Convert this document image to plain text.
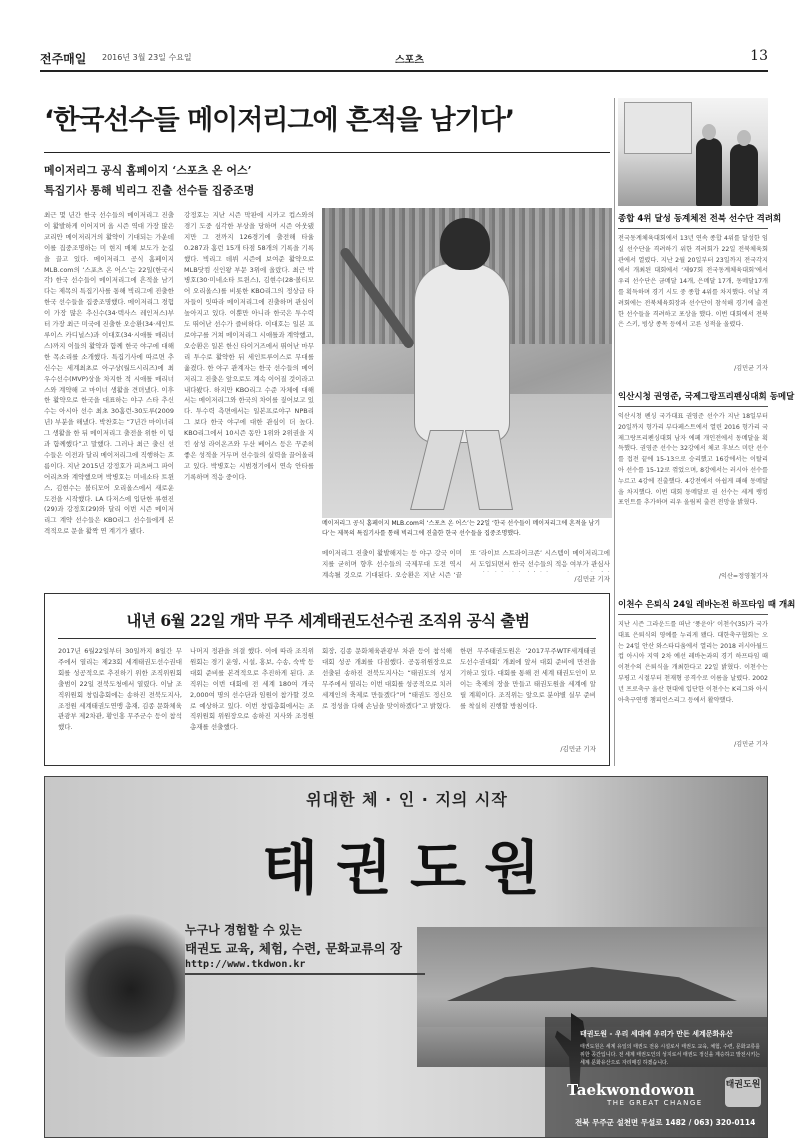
전주매일 2016년 3월 23일 수요일	스포츠	13
‘한국선수들 메이저리그에 흔적을 남기다’
메이저리그 공식 홈페이지 ‘스포츠 온 어스’
특집기사 통해 빅리그 진출 선수들 집중조명
최근 몇 년간 한국 선수들의 메이저리그 진출이 활발하게 이어지며 올 시즌 역대 가장 많은 코리안 메이저리거의 활약이 기대되는 가운데 이를 집중조명하는 미 현지 매체 보도가 눈길을 끌고 있다. 메이저리그 공식 홈페이지 MLB.com의 ‘스포츠 온 어스’는 22일(한국시각) 한국 선수들이 메이저리그에 흔적을 남기다는 제목의 특집기사를 통해 빅리그에 진출한 한국 선수들을 집중조명했다. 메이저리그 경험이 가장 많은 추신수(34·텍사스 레인저스)부터 가장 최근 미국에 진출한 오승환(34·세인트루이스 카디널스)과 이대호(34·시애틀 매리너스)까지 이들의 활약과 함께 한국 야구에 대해 한 목소리를 소개했다. 특집기사에 따르면 추신수는 세계최초로 아구상(월드시리즈)에 최우수선수(MVP)상을 차지한 적 시애틀 매리너스와 계약해 고 마이너 생활을 견뎌냈다. 이후 한 활약으로 한국을 대표하는 야구 스타 추신수는 아시아 선수 최초 30홈런-30도루(2009년) 부분을 해냈다. 박찬호는 “7년간 마이너리그 생활을 한 뒤 메이저리그 출전을 위한 이 팀과 함께했다”고 말했다. 그러나 최근 출신 선수들은 이전과 달리 메이저리그에 직행하는 흐름이다. 지난 2015년 강정호가 피츠버그 파이어리츠와 계약했으며 박병호는 미네소타 트윈스, 김현수는 볼티모어 오리올스에서 새로운 도전을 시작했다. LA 다저스에 입단한 류현진(29)과 강정호(29)와 달리 이번 시즌 메이저리그 계약 선수들은 KBO리그 선수들에게 본격적으로 문을 활짝 연 계기가 됐다.
강정호는 지난 시즌 막판에 시카고 컵스와의 경기 도중 심각한 부상을 당하며 시즌 아웃됐지만 그 전까지 126경기에 출전해 타율 0.287과 홈런 15개 타점 58개의 기록을 기록했다. 빅리그 데뷔 시즌에 보여준 활약으로 MLB닷컴 신인왕 부문 3위에 올랐다. 최근 박병호(30·미네소타 트윈스), 김현수(28·볼티모어 오리올스)를 비롯한 KBO리그의 정상급 타자들이 잇따라 메이저리그에 진출하며 관심이 높아지고 있다. 이뿐만 아니라 한국은 투수력도 뛰어난 선수가 즐비하다. 이대호는 일본 프로야구를 거쳐 메이저리그 시애틀과 계약했고, 오승환은 일본 한신 타이거즈에서 뛰어난 마무리 투수로 활약한 뒤 세인트루이스로 무대를 옮겼다. 한 야구 관계자는 한국 선수들의 메이저리그 진출은 앞으로도 계속 이어질 것이라고 내다봤다. 하지만 KBO리그 수준 자체에 대해서는 메이저리그와 한국의 차이를 짚어보고 있다. 투수력 측면에서는 일본프로야구 NPB리그 보다 한국 야구에 대한 관심이 더 높다. KBO리그에서 10시즌 동안 1위와 2위권을 지킨 삼성 라이온즈와 두산 베어스 등은 꾸준히 좋은 성적을 거두며 선수들의 실력을 끌어올리고 있다. 박병호는 시범경기에서 연속 안타를 기록하며 적응 중이다.
메이저리그 공식 홈페이지 MLB.com의 ‘스포츠 온 어스’는 22일 ‘한국 선수들이 메이저리그에 흔적을 남기다’는 제목의 특집기사를 통해 빅리그에 진출한 한국 선수들을 집중조명했다.
메이저리그 진출이 활발해지는 등 야구 강국 이미지를 굳히며 향후 선수들의 국제무대 도전 역시 계속될 것으로 기대된다. 오승환은 지난 시즌 ‘끝
또 ‘라이브 스트라이크존’ 시스템이 메이저리그에서 도입되면서 한국 선수들의 적응 여부가 관심사
/김민균 기자
종합 4위 달성 동계체전 전북 선수단 격려회
전국동계체육대회에서 13년 연속 종합 4위를 달성한 임실 선수단을 격려하기 위한 격려회가 22일 전북체육회관에서 열렸다. 지난 2월 20일부터 23일까지 전국각지에서 개최된 대회에서 ‘제97회 전국동계체육대회’에서 우리 선수단은 금메달 14개, 은메달 17개, 동메달17개를 획득하며 경기 시도 중 종합 4위를 차지했다. 이날 격려회에는 전북체육회장과 선수단이 참석해 경기에 출전한 선수들을 격려하고 포상을 했다. 이번 대회에서 전북은 스키, 빙상 종목 등에서 고른 성적을 올렸다.
/김민균 기자
익산시청 권영준, 국제그랑프리펜싱대회 동메달
익산시청 펜싱 국가대표 권영준 선수가 지난 18일부터 20일까지 헝가리 부다페스트에서 열린 2016 헝가리 국제그랑프리펜싱대회 남자 에페 개인전에서 동메달을 획득했다. 권영준 선수는 32강에서 체코 후보스 미탄 선수를 접전 끝에 15-13으로 승리했고 16강에서는 이탈리아 선수를 15-12로 꺾었으며, 8강에서는 러시아 선수를 누르고 4강에 진출했다. 4강전에서 아쉽게 패해 동메달을 차지했다. 이번 대회 동메달로 권 선수는 세계 랭킹 포인트를 추가하며 리우 올림픽 출전 전망을 밝혔다.
/익산=정영철기자
이천수 은퇴식 24일 레바논전 하프타임 때 개최
지난 시즌 그라운드를 떠난 ‘풍운아’ 이천수(35)가 국가대표 은퇴식의 영예를 누리게 됐다. 대한축구협회는 오는 24일 안산 와스타디움에서 열리는 2018 러시아월드컵 아시아 지역 2차 예선 레바논과의 경기 하프타임 때 이천수의 은퇴식을 개최한다고 22일 밝혔다. 이천수는 부평고 시절부터 천재형 공격수로 이름을 날렸다. 2002년 프로축구 울산 현대에 입단한 이천수는 K리그와 아시아축구연맹 챔피언스리그 등에서 활약했다.
/김민균 기자
내년 6월 22일 개막 무주 세계태권도선수권 조직위 공식 출범
2017년 6월22일부터 30일까지 8일간 무주에서 열리는 제23회 세계태권도선수권대회를 성공적으로 추진하기 위한 조직위원회 출범이 22일 전북도청에서 열렸다. 이날 조직위원회 창립총회에는 송하진 전북도지사, 조정원 세계태권도연맹 총재, 김종 문화체육관광부 제2차관, 황인홍 무주군수 등이 참석했다.
나머지 정관을 의결 했다. 이에 따라 조직위원회는 경기 운영, 시설, 홍보, 수송, 숙박 등 대회 준비를 본격적으로 추진하게 된다. 조직위는 이번 대회에 전 세계 180여 개국 2,000여 명의 선수단과 임원이 참가할 것으로 예상하고 있다. 이번 창립총회에서는 조직위원회 위원장으로 송하진 지사와 조정원 총재를 선출했다.
회장, 김종 문화체육관광부 차관 등이 참석해 대회 성공 개최를 다짐했다. 공동위원장으로 선출된 송하진 전북도지사는 “태권도의 성지 무주에서 열리는 이번 대회를 성공적으로 치러 세계인의 축제로 만들겠다”며 “태권도 정신으로 정성을 다해 손님을 맞이하겠다”고 밝혔다.
한편 무주태권도원은 ‘2017무주WTF세계태권도선수권대회’ 개최에 앞서 대회 준비에 만전을 기하고 있다. 대회를 통해 전 세계 태권도인이 모이는 축제의 장을 만들고 태권도원을 세계에 알릴 계획이다. 조직위는 앞으로 분야별 실무 준비를 착실히 진행할 방침이다.
/김민균 기자
위대한 체 · 인 · 지의 시작
태권도원
누구나 경험할 수 있는
태권도 교육, 체험, 수련, 문화교류의 장
http://www.tkdwon.kr
태권도원 - 우리 세대에 우리가 만든 세계문화유산
태권도원은 세계 유일의 태권도 전용 시설로서 태권도 교육, 체험, 수련, 문화교류를 위한 공간입니다. 전 세계 태권도인의 성지로서 태권도 정신을 계승하고 발전시키는 세계 문화유산으로 자리매김 하겠습니다.
Taekwondowon
THE GREAT CHANGE
태권도원
전북 무주군 설천면 무설로 1482 / 063) 320-0114
